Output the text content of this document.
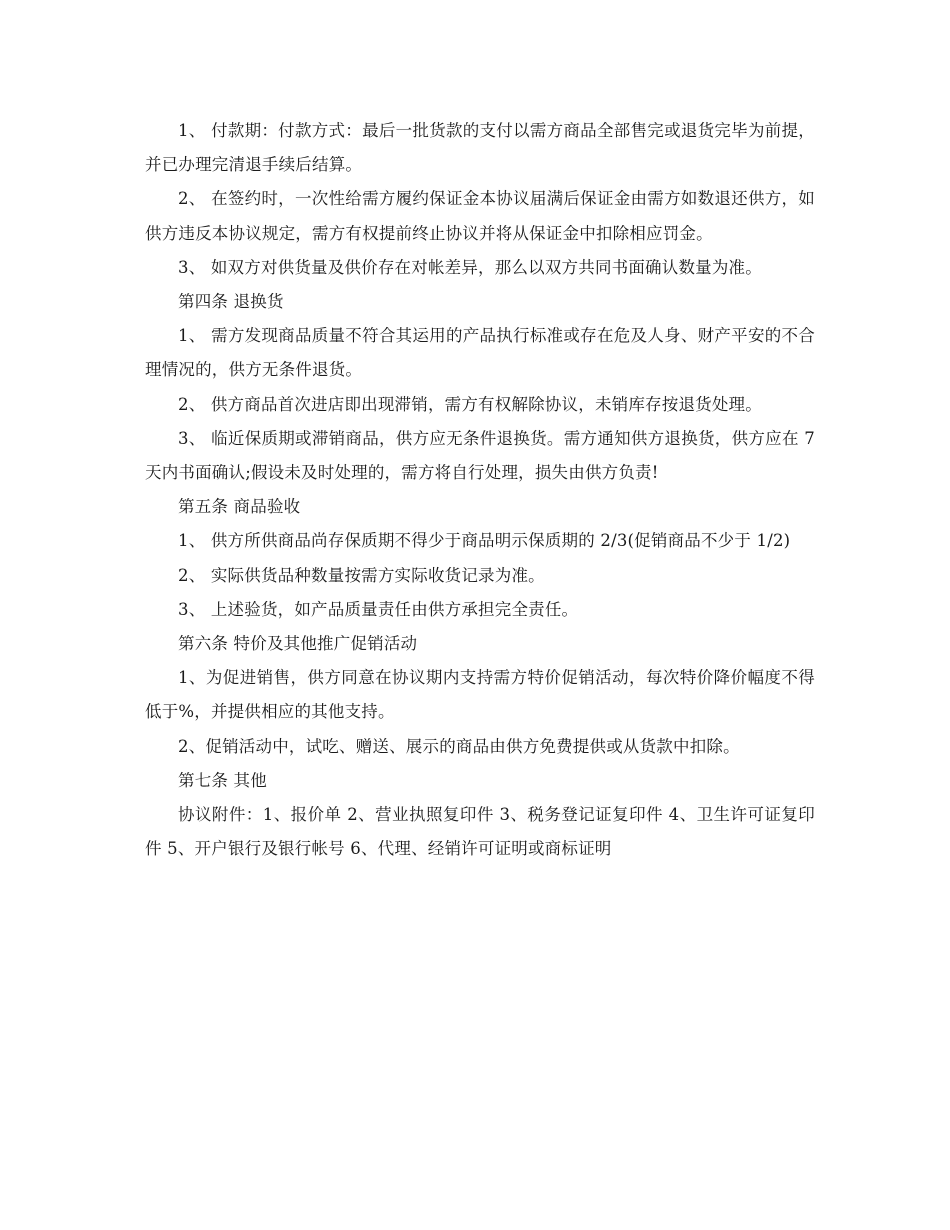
1、 付款期：付款方式：最后一批货款的支付以需方商品全部售完或退货完毕为前提，并已办理完清退手续后结算。

2、 在签约时，一次性给需方履约保证金本协议届满后保证金由需方如数退还供方，如供方违反本协议规定，需方有权提前终止协议并将从保证金中扣除相应罚金。

3、 如双方对供货量及供价存在对帐差异，那么以双方共同书面确认数量为准。

第四条 退换货

1、 需方发现商品质量不符合其运用的产品执行标准或存在危及人身、财产平安的不合理情况的，供方无条件退货。

2、 供方商品首次进店即出现滞销，需方有权解除协议，未销库存按退货处理。

3、 临近保质期或滞销商品，供方应无条件退换货。需方通知供方退换货，供方应在 7 天内书面确认;假设未及时处理的，需方将自行处理，损失由供方负责!

第五条 商品验收

1、 供方所供商品尚存保质期不得少于商品明示保质期的 2/3(促销商品不少于 1/2)

2、 实际供货品种数量按需方实际收货记录为准。

3、 上述验货，如产品质量责任由供方承担完全责任。

第六条 特价及其他推广促销活动

1、为促进销售，供方同意在协议期内支持需方特价促销活动，每次特价降价幅度不得低于%，并提供相应的其他支持。

2、促销活动中，试吃、赠送、展示的商品由供方免费提供或从货款中扣除。

第七条 其他

协议附件：1、报价单 2、营业执照复印件 3、税务登记证复印件 4、卫生许可证复印件 5、开户银行及银行帐号 6、代理、经销许可证明或商标证明
